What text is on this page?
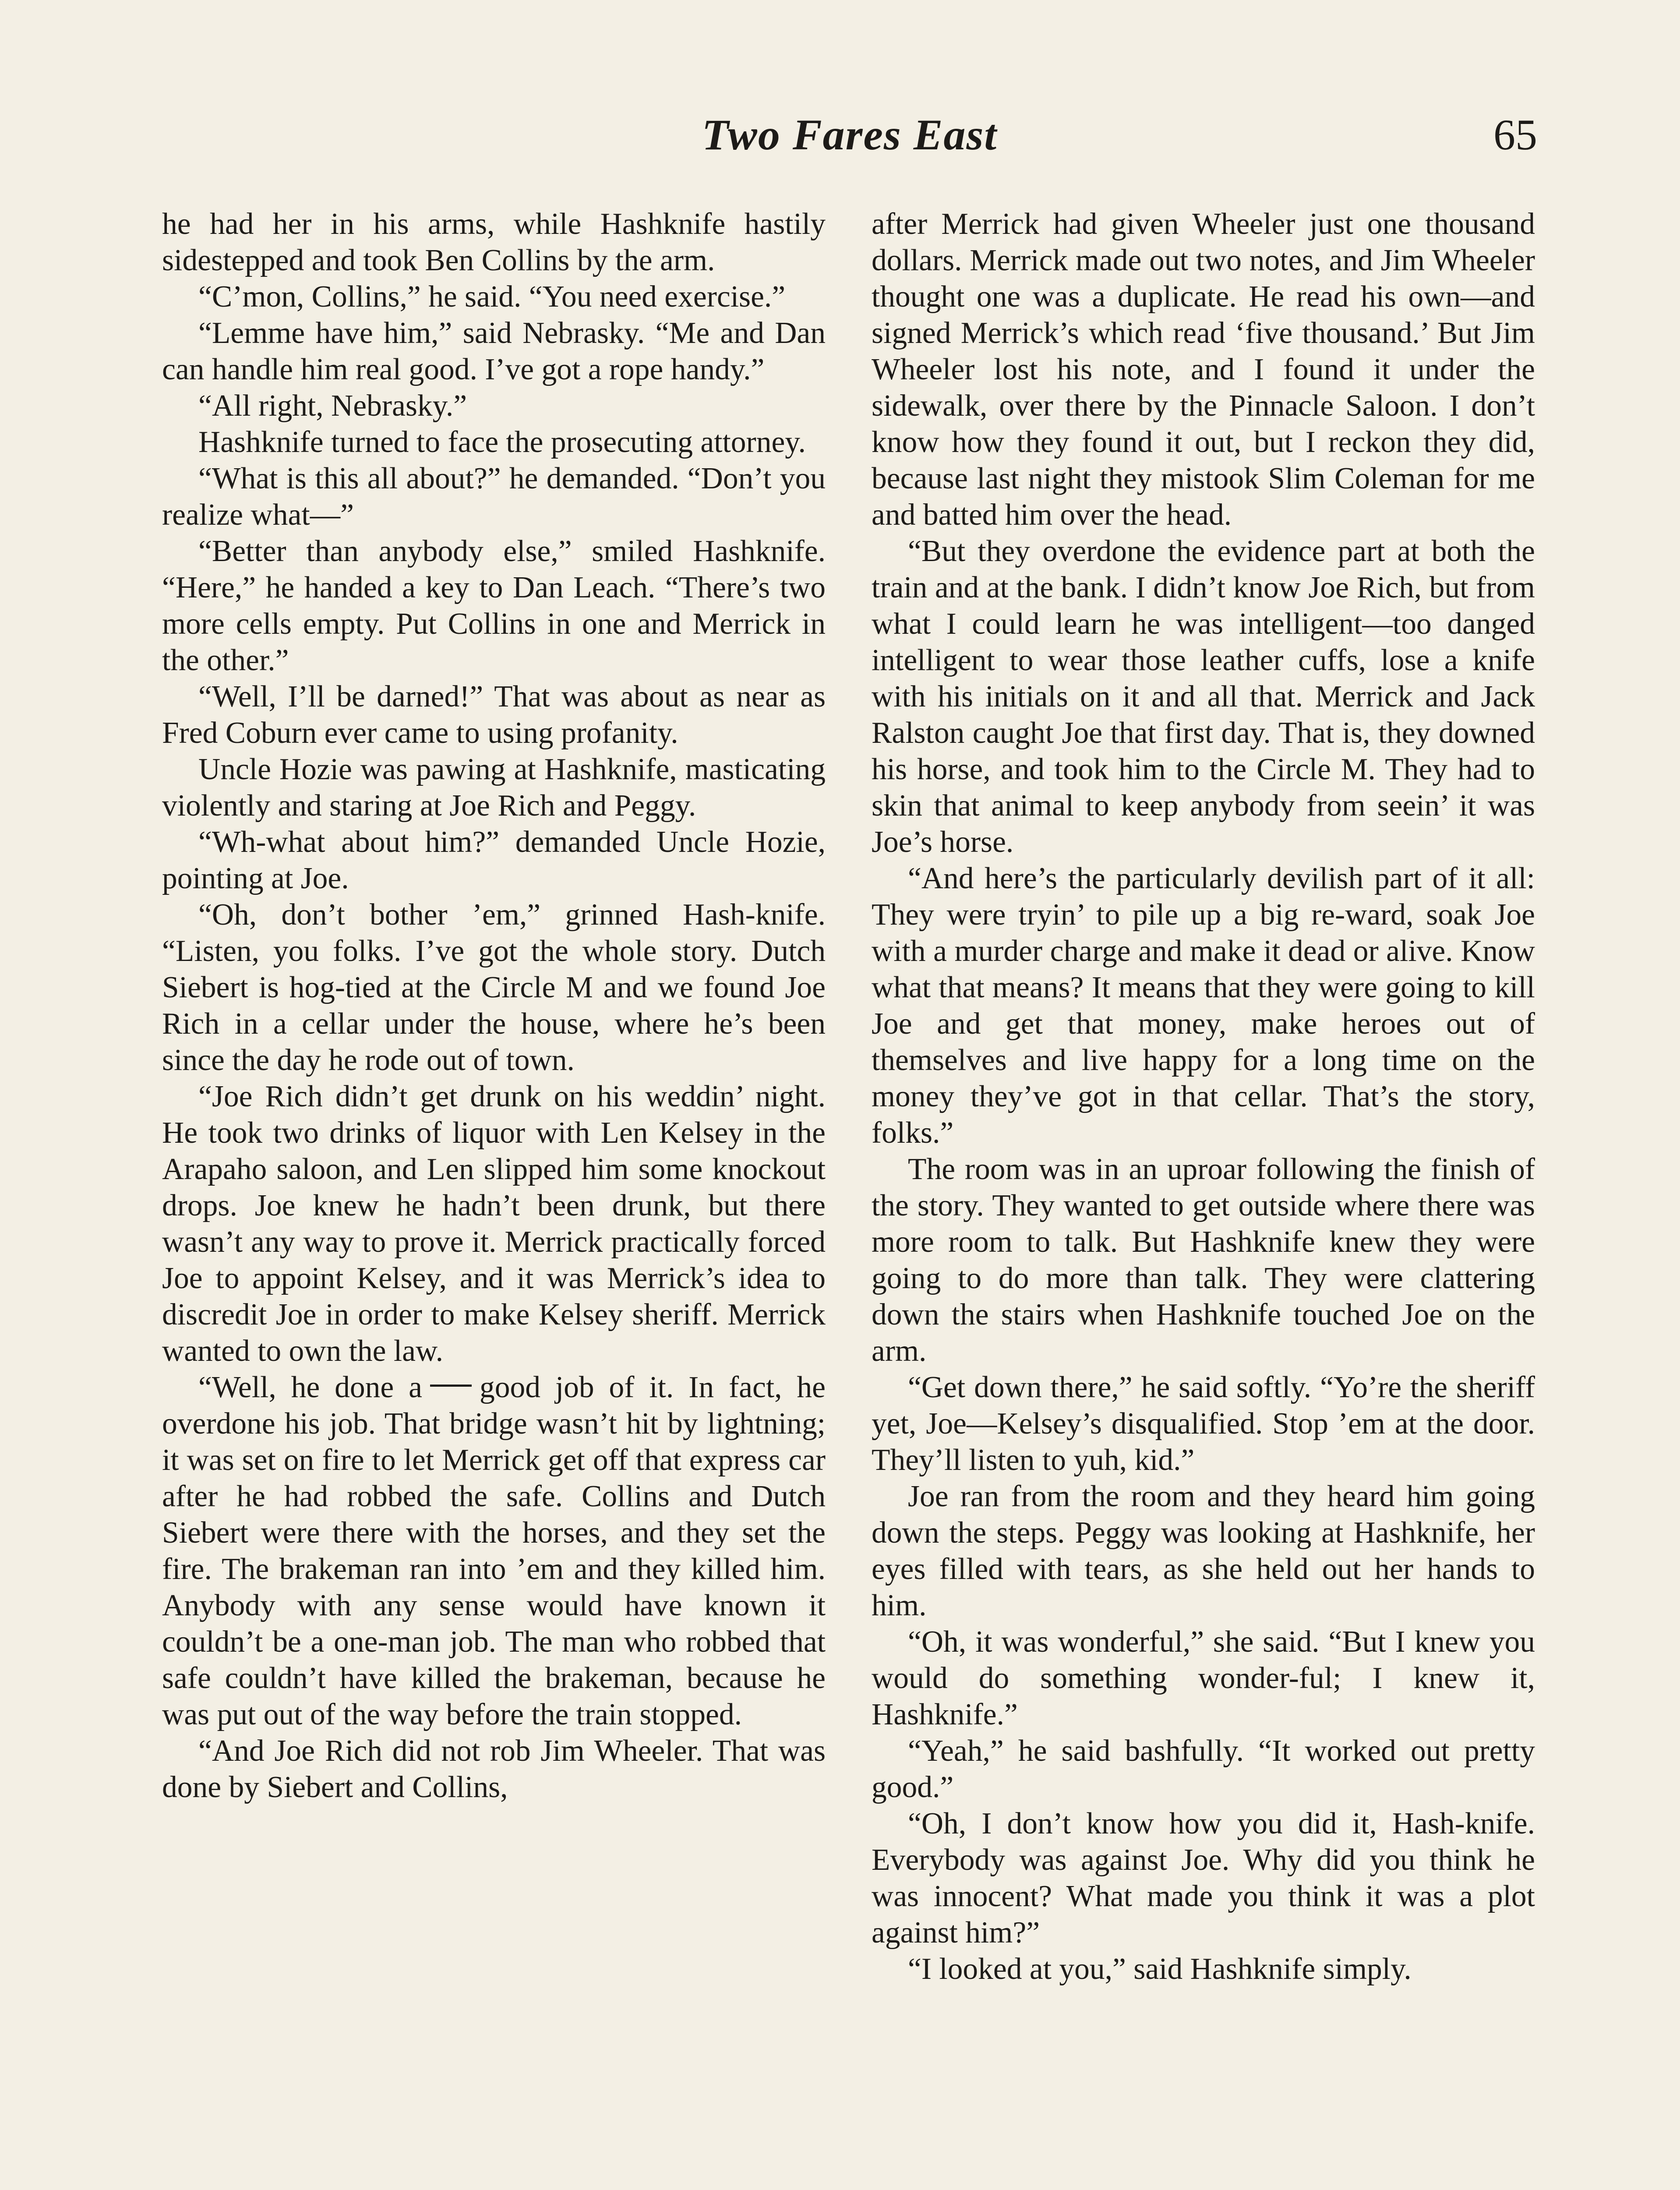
Two Fares East	65

he had her in his arms, while Hashknife hastily sidestepped and took Ben Collins by the arm.

“C’mon, Collins,” he said. “You need exercise.”

“Lemme have him,” said Nebrasky. “Me and Dan can handle him real good. I’ve got a rope handy.”

“All right, Nebrasky.”

Hashknife turned to face the prosecuting attorney.

“What is this all about?” he demanded. “Don’t you realize what—”

“Better than anybody else,” smiled Hashknife. “Here,” he handed a key to Dan Leach. “There’s two more cells empty. Put Collins in one and Merrick in the other.”

“Well, I’ll be darned!” That was about as near as Fred Coburn ever came to using profanity.

Uncle Hozie was pawing at Hashknife, masticating violently and staring at Joe Rich and Peggy.

“Wh-what about him?” demanded Uncle Hozie, pointing at Joe.

“Oh, don’t bother ’em,” grinned Hash-knife. “Listen, you folks. I’ve got the whole story. Dutch Siebert is hog-tied at the Circle M and we found Joe Rich in a cellar under the house, where he’s been since the day he rode out of town.

“Joe Rich didn’t get drunk on his weddin’ night. He took two drinks of liquor with Len Kelsey in the Arapaho saloon, and Len slipped him some knockout drops. Joe knew he hadn’t been drunk, but there wasn’t any way to prove it. Merrick practically forced Joe to appoint Kelsey, and it was Merrick’s idea to discredit Joe in order to make Kelsey sheriff. Merrick wanted to own the law.

“Well, he done a good job of it. In fact, he overdone his job. That bridge wasn’t hit by lightning; it was set on fire to let Merrick get off that express car after he had robbed the safe. Collins and Dutch Siebert were there with the horses, and they set the fire. The brakeman ran into ’em and they killed him. Anybody with any sense would have known it couldn’t be a one-man job. The man who robbed that safe couldn’t have killed the brakeman, because he was put out of the way before the train stopped.

“And Joe Rich did not rob Jim Wheeler. That was done by Siebert and Collins,

after Merrick had given Wheeler just one thousand dollars. Merrick made out two notes, and Jim Wheeler thought one was a duplicate. He read his own—and signed Merrick’s which read ‘five thousand.’ But Jim Wheeler lost his note, and I found it under the sidewalk, over there by the Pinnacle Saloon. I don’t know how they found it out, but I reckon they did, because last night they mistook Slim Coleman for me and batted him over the head.

“But they overdone the evidence part at both the train and at the bank. I didn’t know Joe Rich, but from what I could learn he was intelligent—too danged intelligent to wear those leather cuffs, lose a knife with his initials on it and all that. Merrick and Jack Ralston caught Joe that first day. That is, they downed his horse, and took him to the Circle M. They had to skin that animal to keep anybody from seein’ it was Joe’s horse.

“And here’s the particularly devilish part of it all: They were tryin’ to pile up a big re-ward, soak Joe with a murder charge and make it dead or alive. Know what that means? It means that they were going to kill Joe and get that money, make heroes out of themselves and live happy for a long time on the money they’ve got in that cellar. That’s the story, folks.”

The room was in an uproar following the finish of the story. They wanted to get outside where there was more room to talk. But Hashknife knew they were going to do more than talk. They were clattering down the stairs when Hashknife touched Joe on the arm.

“Get down there,” he said softly. “Yo’re the sheriff yet, Joe—Kelsey’s disqualified. Stop ’em at the door. They’ll listen to yuh, kid.”

Joe ran from the room and they heard him going down the steps. Peggy was looking at Hashknife, her eyes filled with tears, as she held out her hands to him.

“Oh, it was wonderful,” she said. “But I knew you would do something wonder-ful; I knew it, Hashknife.”

“Yeah,” he said bashfully. “It worked out pretty good.”

“Oh, I don’t know how you did it, Hash-knife. Everybody was against Joe. Why did you think he was innocent? What made you think it was a plot against him?”

“I looked at you,” said Hashknife simply.
